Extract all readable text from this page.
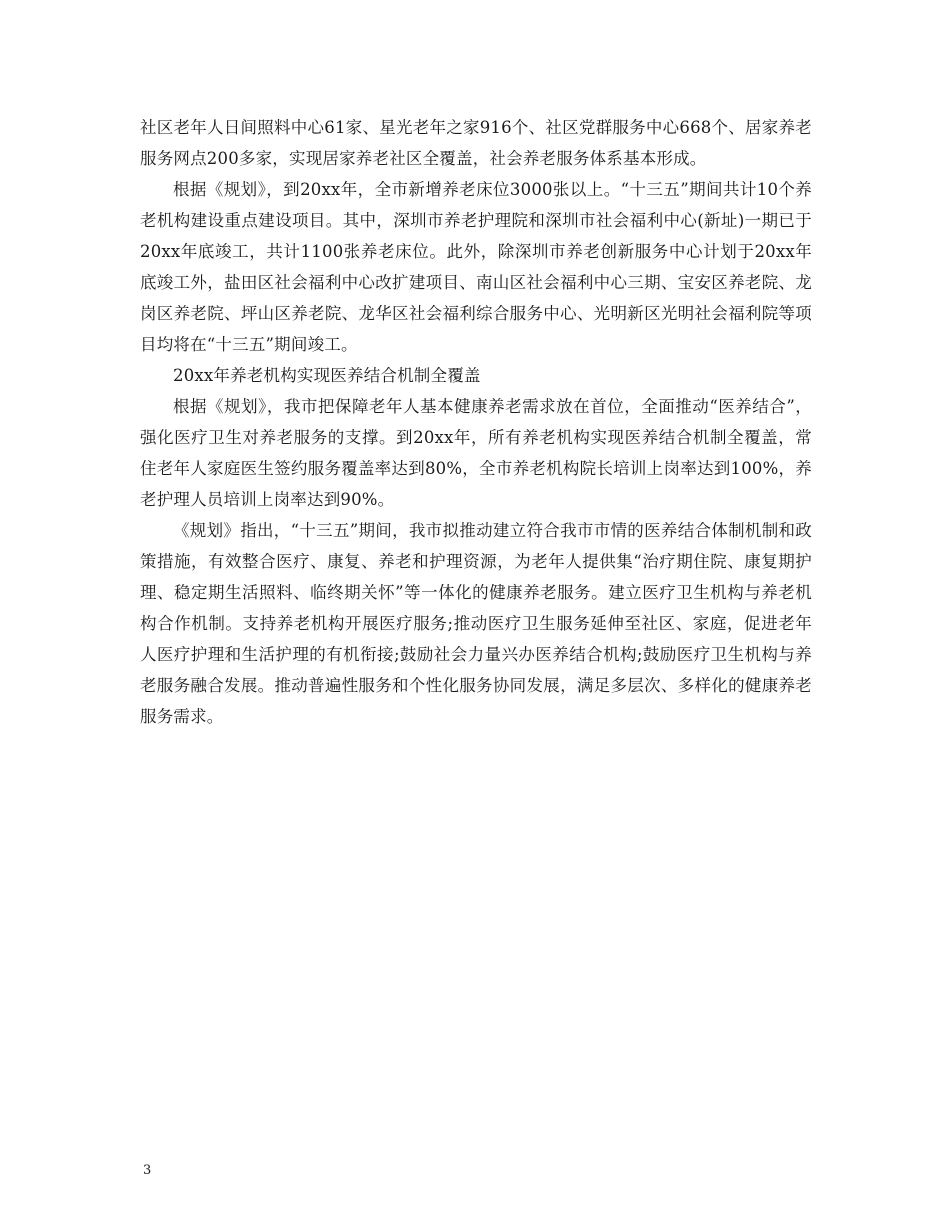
社区老年人日间照料中心61家、星光老年之家916个、社区党群服务中心668个、居家养老服务网点200多家，实现居家养老社区全覆盖，社会养老服务体系基本形成。

根据《规划》，到20xx年，全市新增养老床位3000张以上。“十三五”期间共计10个养老机构建设重点建设项目。其中，深圳市养老护理院和深圳市社会福利中心(新址)一期已于20xx年底竣工，共计1100张养老床位。此外，除深圳市养老创新服务中心计划于20xx年底竣工外，盐田区社会福利中心改扩建项目、南山区社会福利中心三期、宝安区养老院、龙岗区养老院、坪山区养老院、龙华区社会福利综合服务中心、光明新区光明社会福利院等项目均将在“十三五”期间竣工。

20xx年养老机构实现医养结合机制全覆盖

根据《规划》，我市把保障老年人基本健康养老需求放在首位，全面推动“医养结合”，强化医疗卫生对养老服务的支撑。到20xx年，所有养老机构实现医养结合机制全覆盖，常住老年人家庭医生签约服务覆盖率达到80%，全市养老机构院长培训上岗率达到100%，养老护理人员培训上岗率达到90%。

《规划》指出，“十三五”期间，我市拟推动建立符合我市市情的医养结合体制机制和政策措施，有效整合医疗、康复、养老和护理资源，为老年人提供集“治疗期住院、康复期护理、稳定期生活照料、临终期关怀”等一体化的健康养老服务。建立医疗卫生机构与养老机构合作机制。支持养老机构开展医疗服务;推动医疗卫生服务延伸至社区、家庭，促进老年人医疗护理和生活护理的有机衔接;鼓励社会力量兴办医养结合机构;鼓励医疗卫生机构与养老服务融合发展。推动普遍性服务和个性化服务协同发展，满足多层次、多样化的健康养老服务需求。

3
